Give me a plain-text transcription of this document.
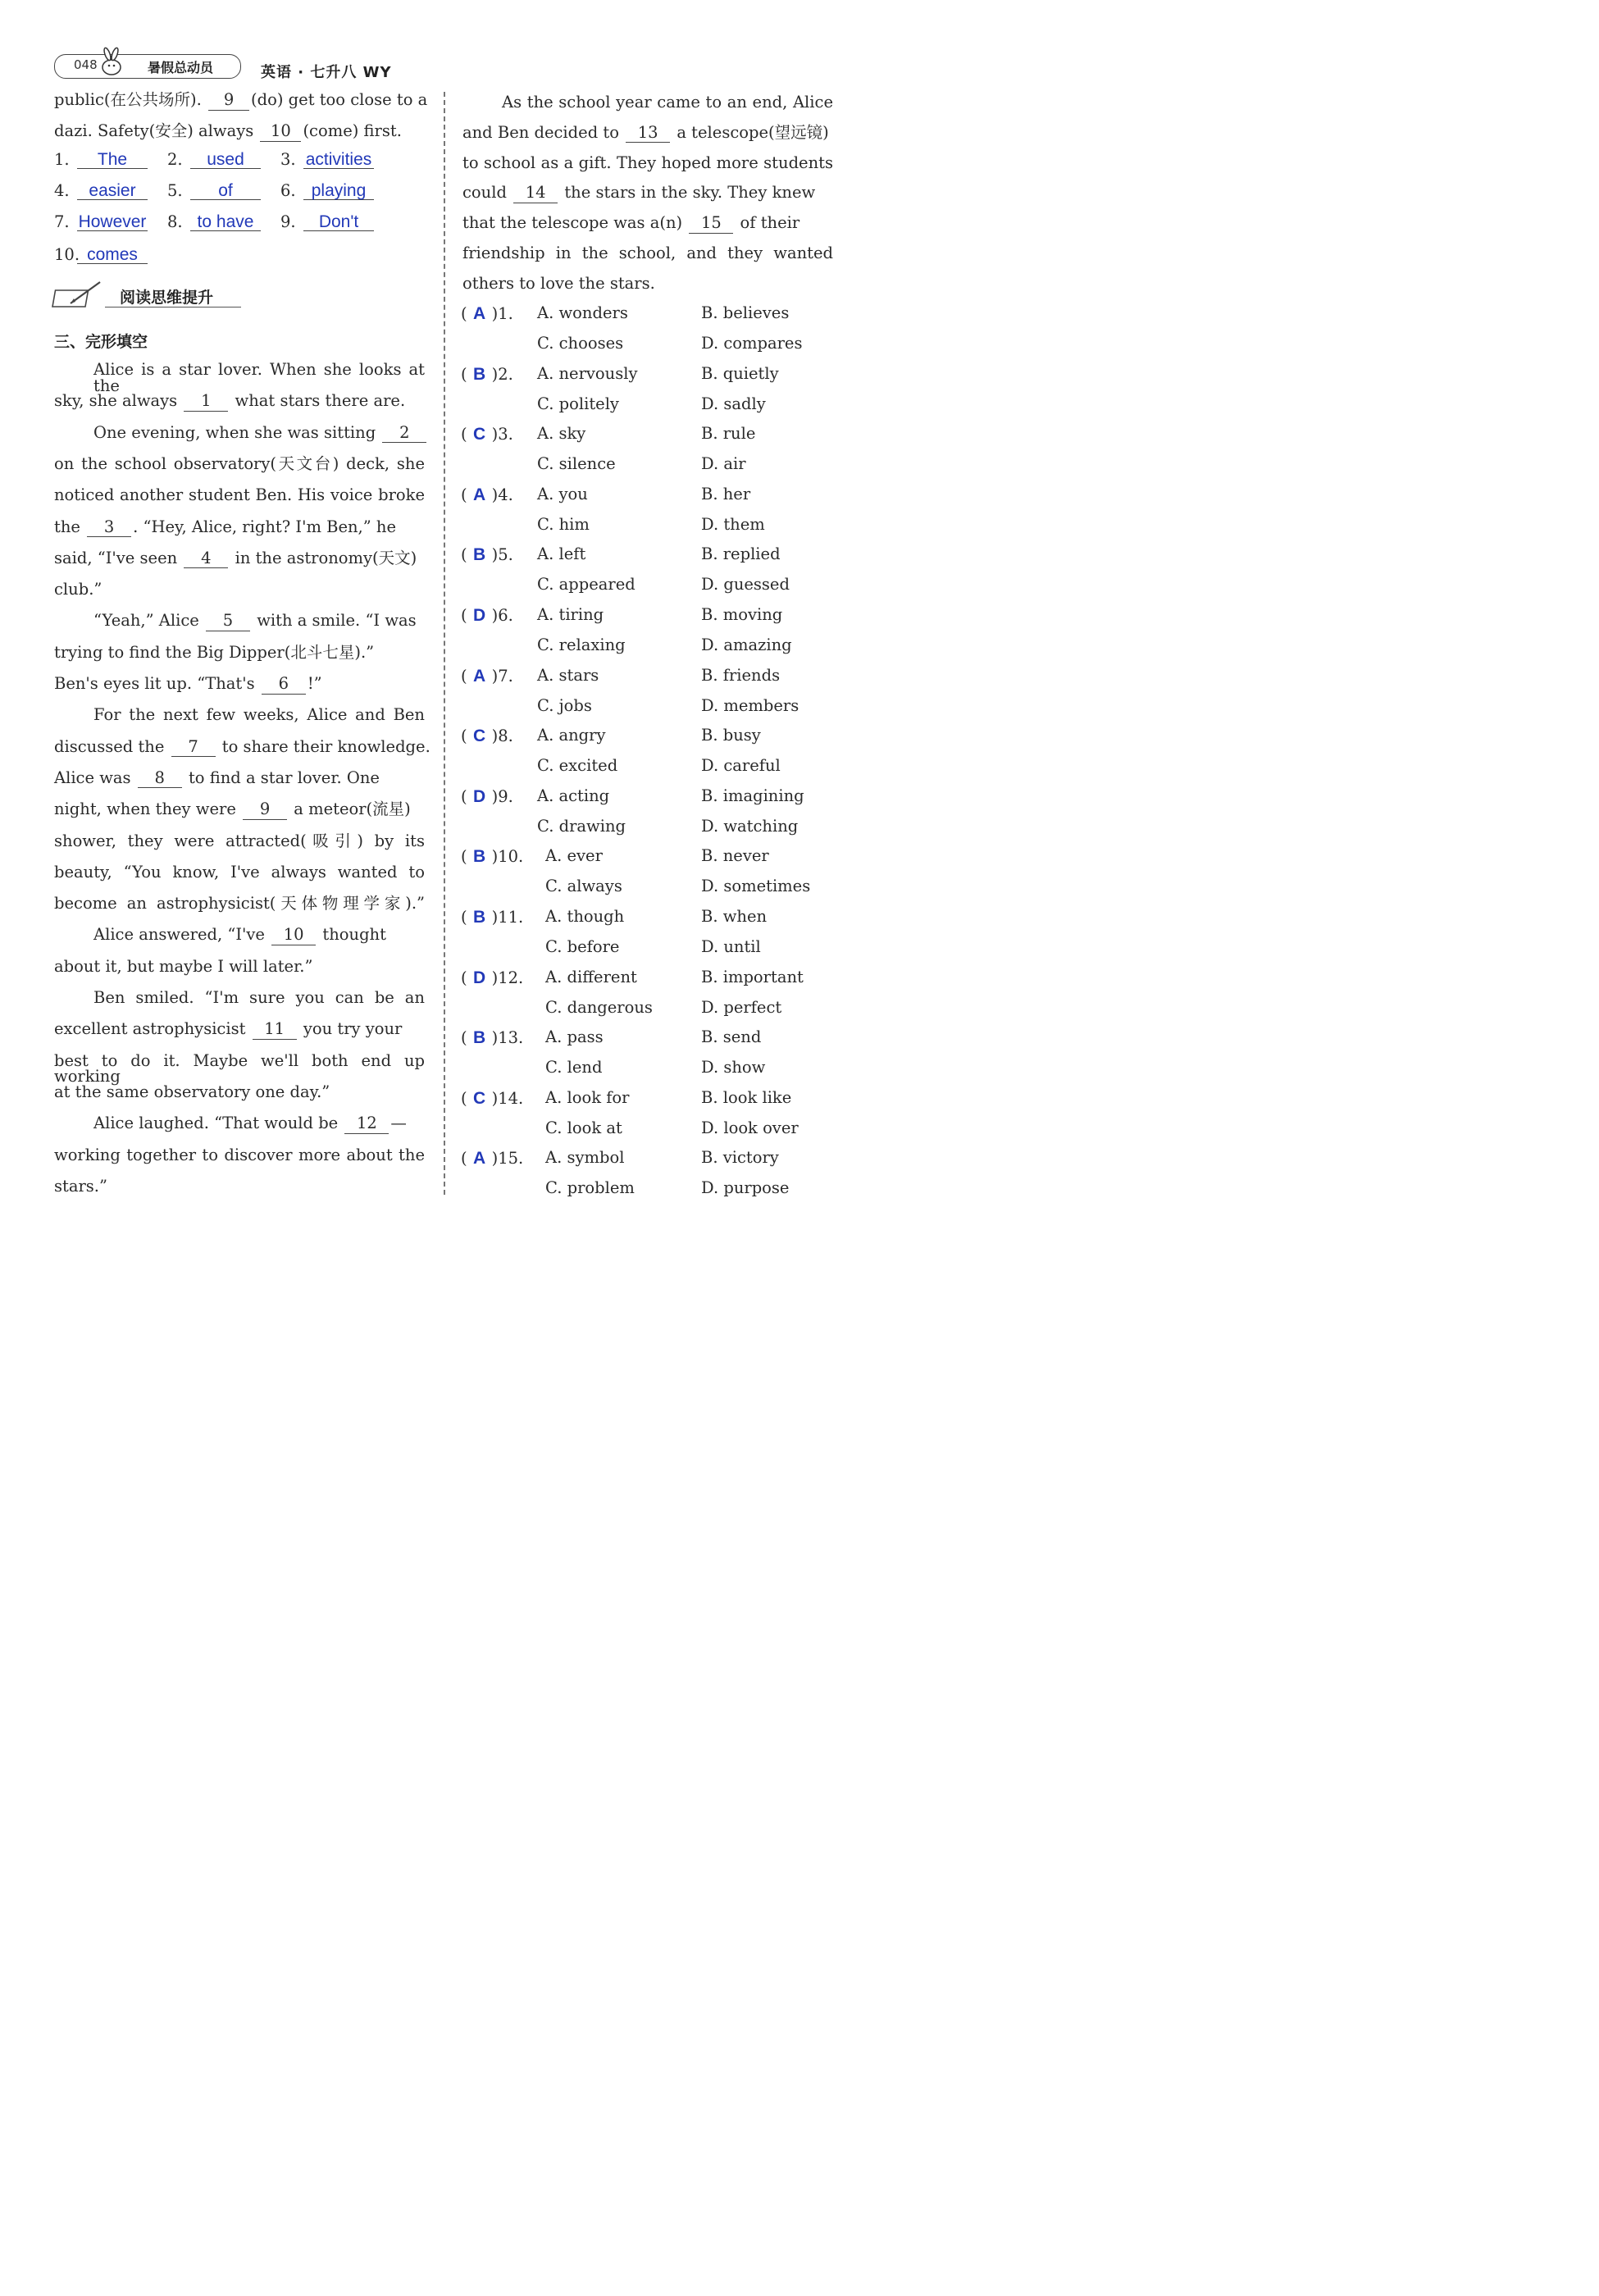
048	暑假总动员	英语 · 七升八 WY
public(在公共场所). 9 (do) get too close to a
dazi. Safety(安全) always 10 (come) first.
1. The	2. used	3. activities
4. easier	5. of	6. playing
7. However 8. to have	9. Don't
10. comes
阅读思维提升
三、完形填空
Alice is a star lover. When she looks at the
sky, she always 1 what stars there are.
One evening, when she was sitting 2
on the school observatory(天文台) deck, she
noticed another student Ben. His voice broke
the 3 . “Hey, Alice, right? I'm Ben,” he
said, “I've seen 4 in the astronomy(天文)
club.”
“Yeah,” Alice 5 with a smile. “I was
trying to find the Big Dipper(北斗七星).”
Ben's eyes lit up. “That's 6 !”
For the next few weeks, Alice and Ben
discussed the 7 to share their knowledge.
Alice was 8 to find a star lover. One
night, when they were 9 a meteor(流星)
shower, they were attracted(吸引) by its
beauty, “You know, I've always wanted to
become an astrophysicist(天体物理学家).”
Alice answered, “I've 10 thought
about it, but maybe I will later.”
Ben smiled. “I'm sure you can be an
excellent astrophysicist 11 you try your
best to do it. Maybe we'll both end up working
at the same observatory one day.”
Alice laughed. “That would be 12 —
working together to discover more about the
stars.”
As the school year came to an end, Alice
and Ben decided to 13 a telescope(望远镜)
to school as a gift. They hoped more students
could 14 the stars in the sky. They knew
that the telescope was a(n) 15 of their
friendship in the school, and they wanted
others to love the stars.
( A )1. A. wonders	B. believes
C. chooses	D. compares
( B )2. A. nervously	B. quietly
C. politely	D. sadly
( C )3. A. sky	B. rule
C. silence	D. air
( A )4. A. you	B. her
C. him	D. them
( B )5. A. left	B. replied
C. appeared	D. guessed
( D )6. A. tiring	B. moving
C. relaxing	D. amazing
( A )7. A. stars	B. friends
C. jobs	D. members
( C )8. A. angry	B. busy
C. excited	D. careful
( D )9. A. acting	B. imagining
C. drawing	D. watching
( B )10. A. ever	B. never
C. always	D. sometimes
( B )11. A. though	B. when
C. before	D. until
( D )12. A. different	B. important
C. dangerous	D. perfect
( B )13. A. pass	B. send
C. lend	D. show
( C )14. A. look for	B. look like
C. look at	D. look over
( A )15. A. symbol	B. victory
C. problem	D. purpose
